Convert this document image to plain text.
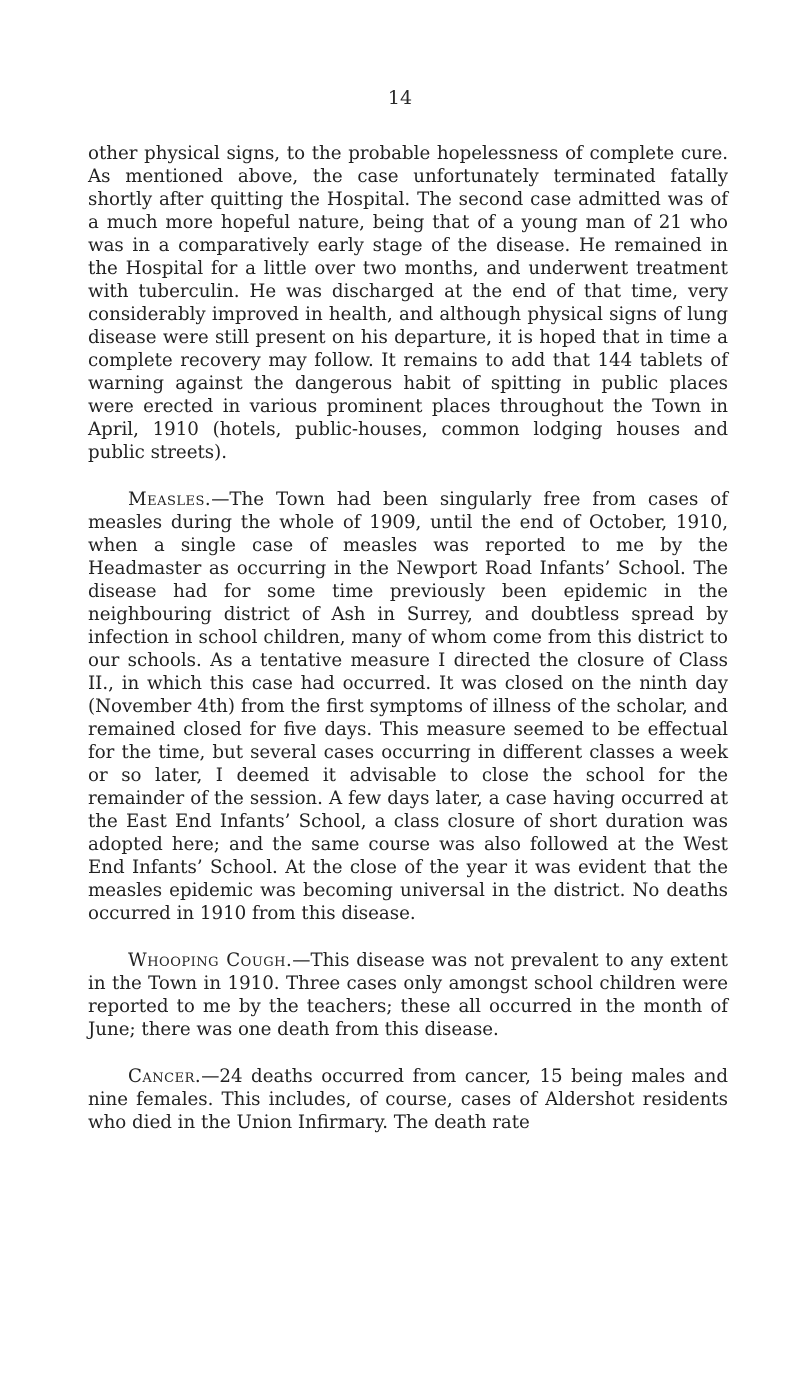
14

other physical signs, to the probable hopelessness of complete cure. As mentioned above, the case unfortunately terminated fatally shortly after quitting the Hospital. The second case admitted was of a much more hopeful nature, being that of a young man of 21 who was in a comparatively early stage of the disease. He remained in the Hospital for a little over two months, and underwent treatment with tuberculin. He was discharged at the end of that time, very considerably improved in health, and although physical signs of lung disease were still present on his departure, it is hoped that in time a complete recovery may follow. It remains to add that 144 tablets of warning against the dangerous habit of spitting in public places were erected in various prominent places throughout the Town in April, 1910 (hotels, public-houses, common lodging houses and public streets).

Measles.—The Town had been singularly free from cases of measles during the whole of 1909, until the end of October, 1910, when a single case of measles was reported to me by the Headmaster as occurring in the Newport Road Infants’ School. The disease had for some time previously been epidemic in the neighbouring district of Ash in Surrey, and doubtless spread by infection in school children, many of whom come from this district to our schools. As a tentative measure I directed the closure of Class II., in which this case had occurred. It was closed on the ninth day (November 4th) from the first symptoms of illness of the scholar, and remained closed for five days. This measure seemed to be effectual for the time, but several cases occurring in different classes a week or so later, I deemed it advisable to close the school for the remainder of the session. A few days later, a case having occurred at the East End Infants’ School, a class closure of short duration was adopted here; and the same course was also followed at the West End Infants’ School. At the close of the year it was evident that the measles epidemic was becoming universal in the district. No deaths occurred in 1910 from this disease.

Whooping Cough.—This disease was not prevalent to any extent in the Town in 1910. Three cases only amongst school children were reported to me by the teachers; these all occurred in the month of June; there was one death from this disease.

Cancer.—24 deaths occurred from cancer, 15 being males and nine females. This includes, of course, cases of Aldershot residents who died in the Union Infirmary. The death rate
